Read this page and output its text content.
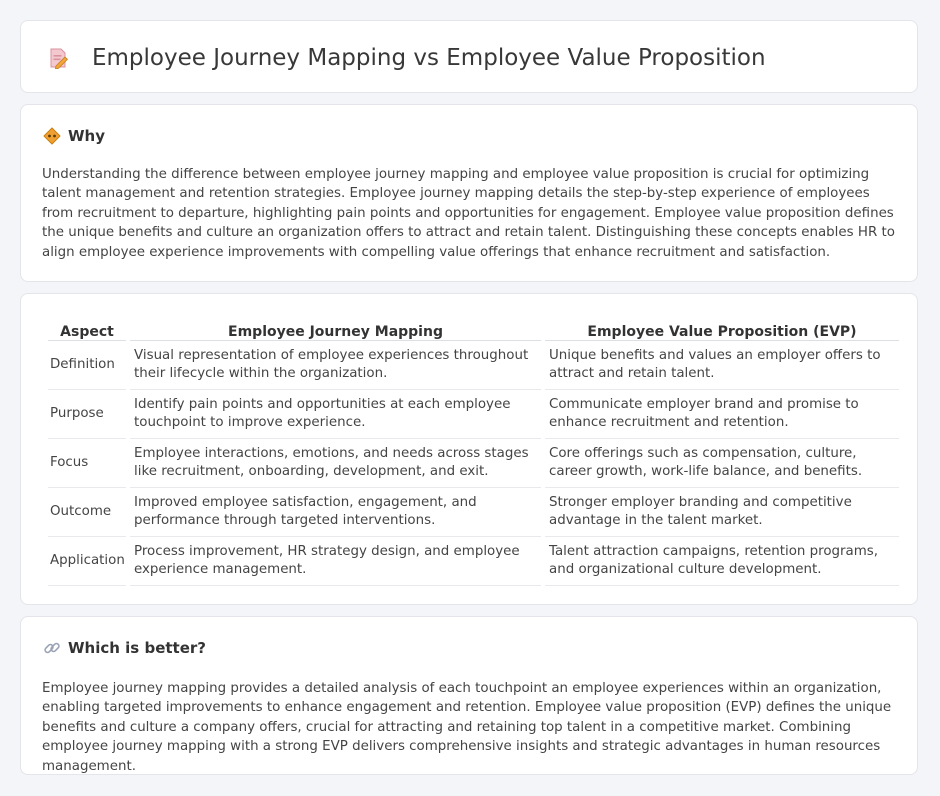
Employee Journey Mapping vs Employee Value Proposition
Why

Understanding the difference between employee journey mapping and employee value proposition is crucial for optimizing talent management and retention strategies. Employee journey mapping details the step-by-step experience of employees from recruitment to departure, highlighting pain points and opportunities for engagement. Employee value proposition defines the unique benefits and culture an organization offers to attract and retain talent. Distinguishing these concepts enables HR to align employee experience improvements with compelling value offerings that enhance recruitment and satisfaction.

Aspect	Employee Journey Mapping	Employee Value Proposition (EVP)
Definition	Visual representation of employee experiences throughout their lifecycle within the organization.	Unique benefits and values an employer offers to attract and retain talent.
Purpose	Identify pain points and opportunities at each employee touchpoint to improve experience.	Communicate employer brand and promise to enhance recruitment and retention.
Focus	Employee interactions, emotions, and needs across stages like recruitment, onboarding, development, and exit.	Core offerings such as compensation, culture, career growth, work-life balance, and benefits.
Outcome	Improved employee satisfaction, engagement, and performance through targeted interventions.	Stronger employer branding and competitive advantage in the talent market.
Application	Process improvement, HR strategy design, and employee experience management.	Talent attraction campaigns, retention programs, and organizational culture development.
Which is better?

Employee journey mapping provides a detailed analysis of each touchpoint an employee experiences within an organization, enabling targeted improvements to enhance engagement and retention. Employee value proposition (EVP) defines the unique benefits and culture a company offers, crucial for attracting and retaining top talent in a competitive market. Combining employee journey mapping with a strong EVP delivers comprehensive insights and strategic advantages in human resources management.
